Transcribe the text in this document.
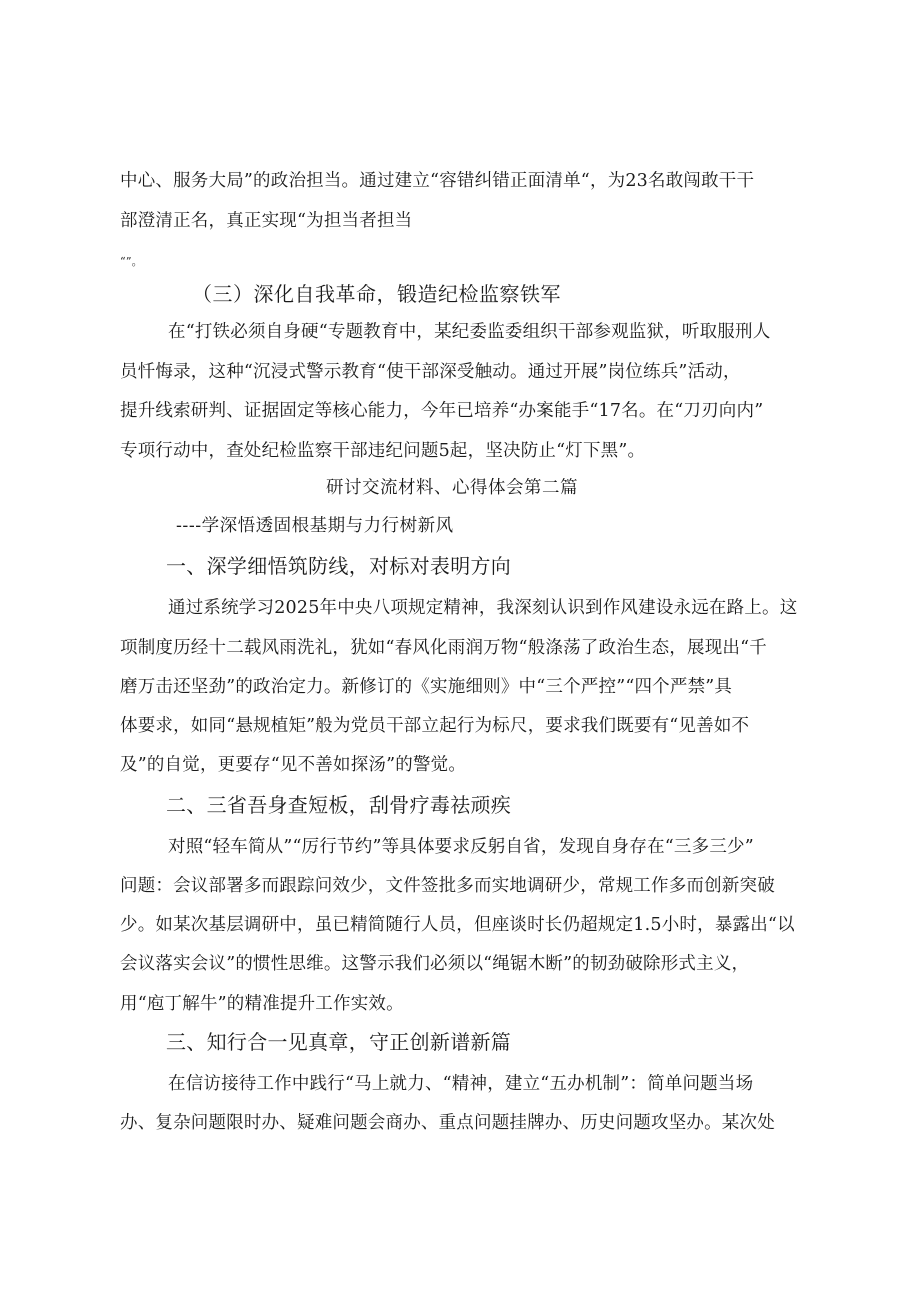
中心、服务大局”的政治担当。通过建立“容错纠错正面清单“，为23名敢闯敢干干
部澄清正名，真正实现“为担当者担当
“”。
（三）深化自我革命，锻造纪检监察铁军
在“打铁必须自身硬“专题教育中，某纪委监委组织干部参观监狱，听取服刑人
员忏悔录，这种“沉浸式警示教育“使干部深受触动。通过开展”岗位练兵”活动，
提升线索研判、证据固定等核心能力，今年已培养“办案能手“17名。在“刀刃向内”
专项行动中，查处纪检监察干部违纪问题5起，坚决防止“灯下黑”。
研讨交流材料、心得体会第二篇
----学深悟透固根基期与力行树新风
一、深学细悟筑防线，对标对表明方向
通过系统学习2025年中央八项规定精神，我深刻认识到作风建设永远在路上。这
项制度历经十二载风雨洗礼，犹如“春风化雨润万物“般涤荡了政治生态，展现出“千
磨万击还坚劲”的政治定力。新修订的《实施细则》中“三个严控”“四个严禁”具
体要求，如同“悬规植矩”般为党员干部立起行为标尺，要求我们既要有“见善如不
及”的自觉，更要存“见不善如探汤”的警觉。
二、三省吾身查短板，刮骨疗毒祛顽疾
对照“轻车简从”“厉行节约”等具体要求反躬自省，发现自身存在“三多三少”
问题：会议部署多而跟踪问效少，文件签批多而实地调研少，常规工作多而创新突破
少。如某次基层调研中，虽已精简随行人员，但座谈时长仍超规定1.5小时，暴露出“以
会议落实会议”的惯性思维。这警示我们必须以“绳锯木断”的韧劲破除形式主义，
用“庖丁解牛”的精准提升工作实效。
三、知行合一见真章，守正创新谱新篇
在信访接待工作中践行“马上就力、“精神，建立“五办机制”：简单问题当场
办、复杂问题限时办、疑难问题会商办、重点问题挂牌办、历史问题攻坚办。某次处
